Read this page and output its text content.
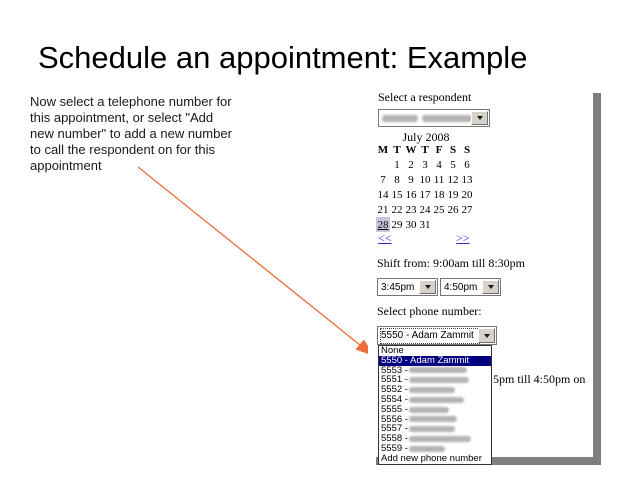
Schedule an appointment: Example
Now select a telephone number for
this appointment, or select "Add
new number" to add a new number
to call the respondent on for this
appointment
Select a respondent
July 2008
M	T	W	T	F	S	S
	1	2	3	4	5	6
7	8	9	10	11	12	13
14	15	16	17	18	19	20
21	22	23	24	25	26	27
28	29	30	31			
<<	>>
Shift from: 9:00am till 8:30pm
3:45pm	4:50pm
Select phone number:
5pm till 4:50pm on
5550 - Adam Zammit
None
5550 - Adam Zammit
5553 -
5551 -
5552 -
5554 -
5555 -
5556 -
5557 -
5558 -
5559 -
Add new phone number
